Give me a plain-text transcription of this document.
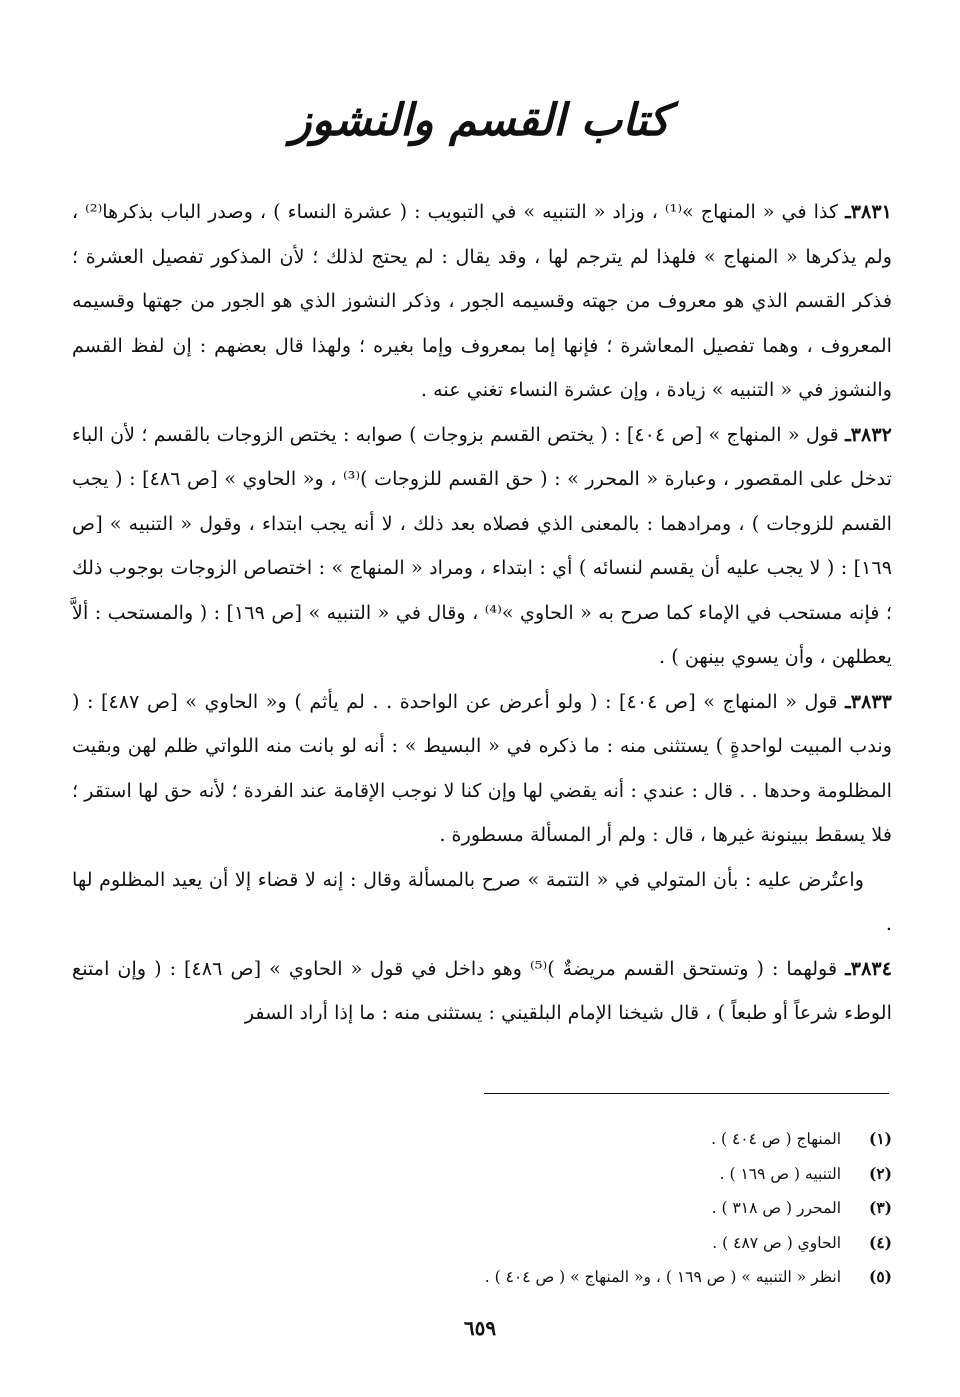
كتاب القسم والنشوز

٣٨٣١ـ كذا في « المنهاج »⁽¹⁾ ، وزاد « التنبيه » في التبويب : ( عشرة النساء ) ، وصدر الباب بذكرها⁽²⁾ ، ولم يذكرها « المنهاج » فلهذا لم يترجم لها ، وقد يقال : لم يحتج لذلك ؛ لأن المذكور تفصيل العشرة ؛ فذكر القسم الذي هو معروف من جهته وقسيمه الجور ، وذكر النشوز الذي هو الجور من جهتها وقسيمه المعروف ، وهما تفصيل المعاشرة ؛ فإنها إما بمعروف وإما بغيره ؛ ولهذا قال بعضهم : إن لفظ القسم والنشوز في « التنبيه » زيادة ، وإن عشرة النساء تغني عنه .

٣٨٣٢ـ قول « المنهاج » [ص ٤٠٤] : ( يختص القسم بزوجات ) صوابه : يختص الزوجات بالقسم ؛ لأن الباء تدخل على المقصور ، وعبارة « المحرر » : ( حق القسم للزوجات )⁽³⁾ ، و« الحاوي » [ص ٤٨٦] : ( يجب القسم للزوجات ) ، ومرادهما : بالمعنى الذي فصلاه بعد ذلك ، لا أنه يجب ابتداء ، وقول « التنبيه » [ص ١٦٩] : ( لا يجب عليه أن يقسم لنسائه ) أي : ابتداء ، ومراد « المنهاج » : اختصاص الزوجات بوجوب ذلك ؛ فإنه مستحب في الإماء كما صرح به « الحاوي »⁽⁴⁾ ، وقال في « التنبيه » [ص ١٦٩] : ( والمستحب : ألاَّ يعطلهن ، وأن يسوي بينهن ) .

٣٨٣٣ـ قول « المنهاج » [ص ٤٠٤] : ( ولو أعرض عن الواحدة . . لم يأثم ) و« الحاوي » [ص ٤٨٧] : ( وندب المبيت لواحدةٍ ) يستثنى منه : ما ذكره في « البسيط » : أنه لو بانت منه اللواتي ظلم لهن وبقيت المظلومة وحدها . . قال : عندي : أنه يقضي لها وإن كنا لا نوجب الإقامة عند الفردة ؛ لأنه حق لها استقر ؛ فلا يسقط ببينونة غيرها ، قال : ولم أر المسألة مسطورة .

واعتُرض عليه : بأن المتولي في « التتمة » صرح بالمسألة وقال : إنه لا قضاء إلا أن يعيد المظلوم لها .

٣٨٣٤ـ قولهما : ( وتستحق القسم مريضةٌ )⁽⁵⁾ وهو داخل في قول « الحاوي » [ص ٤٨٦] : ( وإن امتنع الوطء شرعاً أو طبعاً ) ، قال شيخنا الإمام البلقيني : يستثنى منه : ما إذا أراد السفر

(١) المنهاج ( ص ٤٠٤ ) .
(٢) التنبيه ( ص ١٦٩ ) .
(٣) المحرر ( ص ٣١٨ ) .
(٤) الحاوي ( ص ٤٨٧ ) .
(٥) انظر « التنبيه » ( ص ١٦٩ ) ، و« المنهاج » ( ص ٤٠٤ ) .
٦٥٩
